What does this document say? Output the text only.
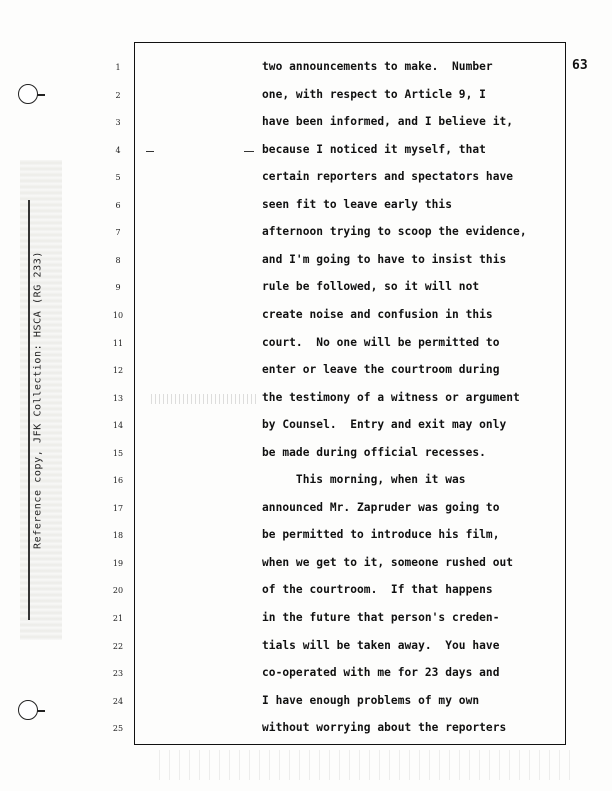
Reference copy, JFK Collection: HSCA (RG 233)
63
1	two announcements to make.  Number
2	one, with respect to Article 9, I
3	have been informed, and I believe it,
4	because I noticed it myself, that
5	certain reporters and spectators have
6	seen fit to leave early this
7	afternoon trying to scoop the evidence,
8	and I'm going to have to insist this
9	rule be followed, so it will not
10	create noise and confusion in this
11	court.  No one will be permitted to
12	enter or leave the courtroom during
13	the testimony of a witness or argument
14	by Counsel.  Entry and exit may only
15	be made during official recesses.
16	This morning, when it was
17	announced Mr. Zapruder was going to
18	be permitted to introduce his film,
19	when we get to it, someone rushed out
20	of the courtroom.  If that happens
21	in the future that person's creden-
22	tials will be taken away.  You have
23	co-operated with me for 23 days and
24	I have enough problems of my own
25	without worrying about the reporters
